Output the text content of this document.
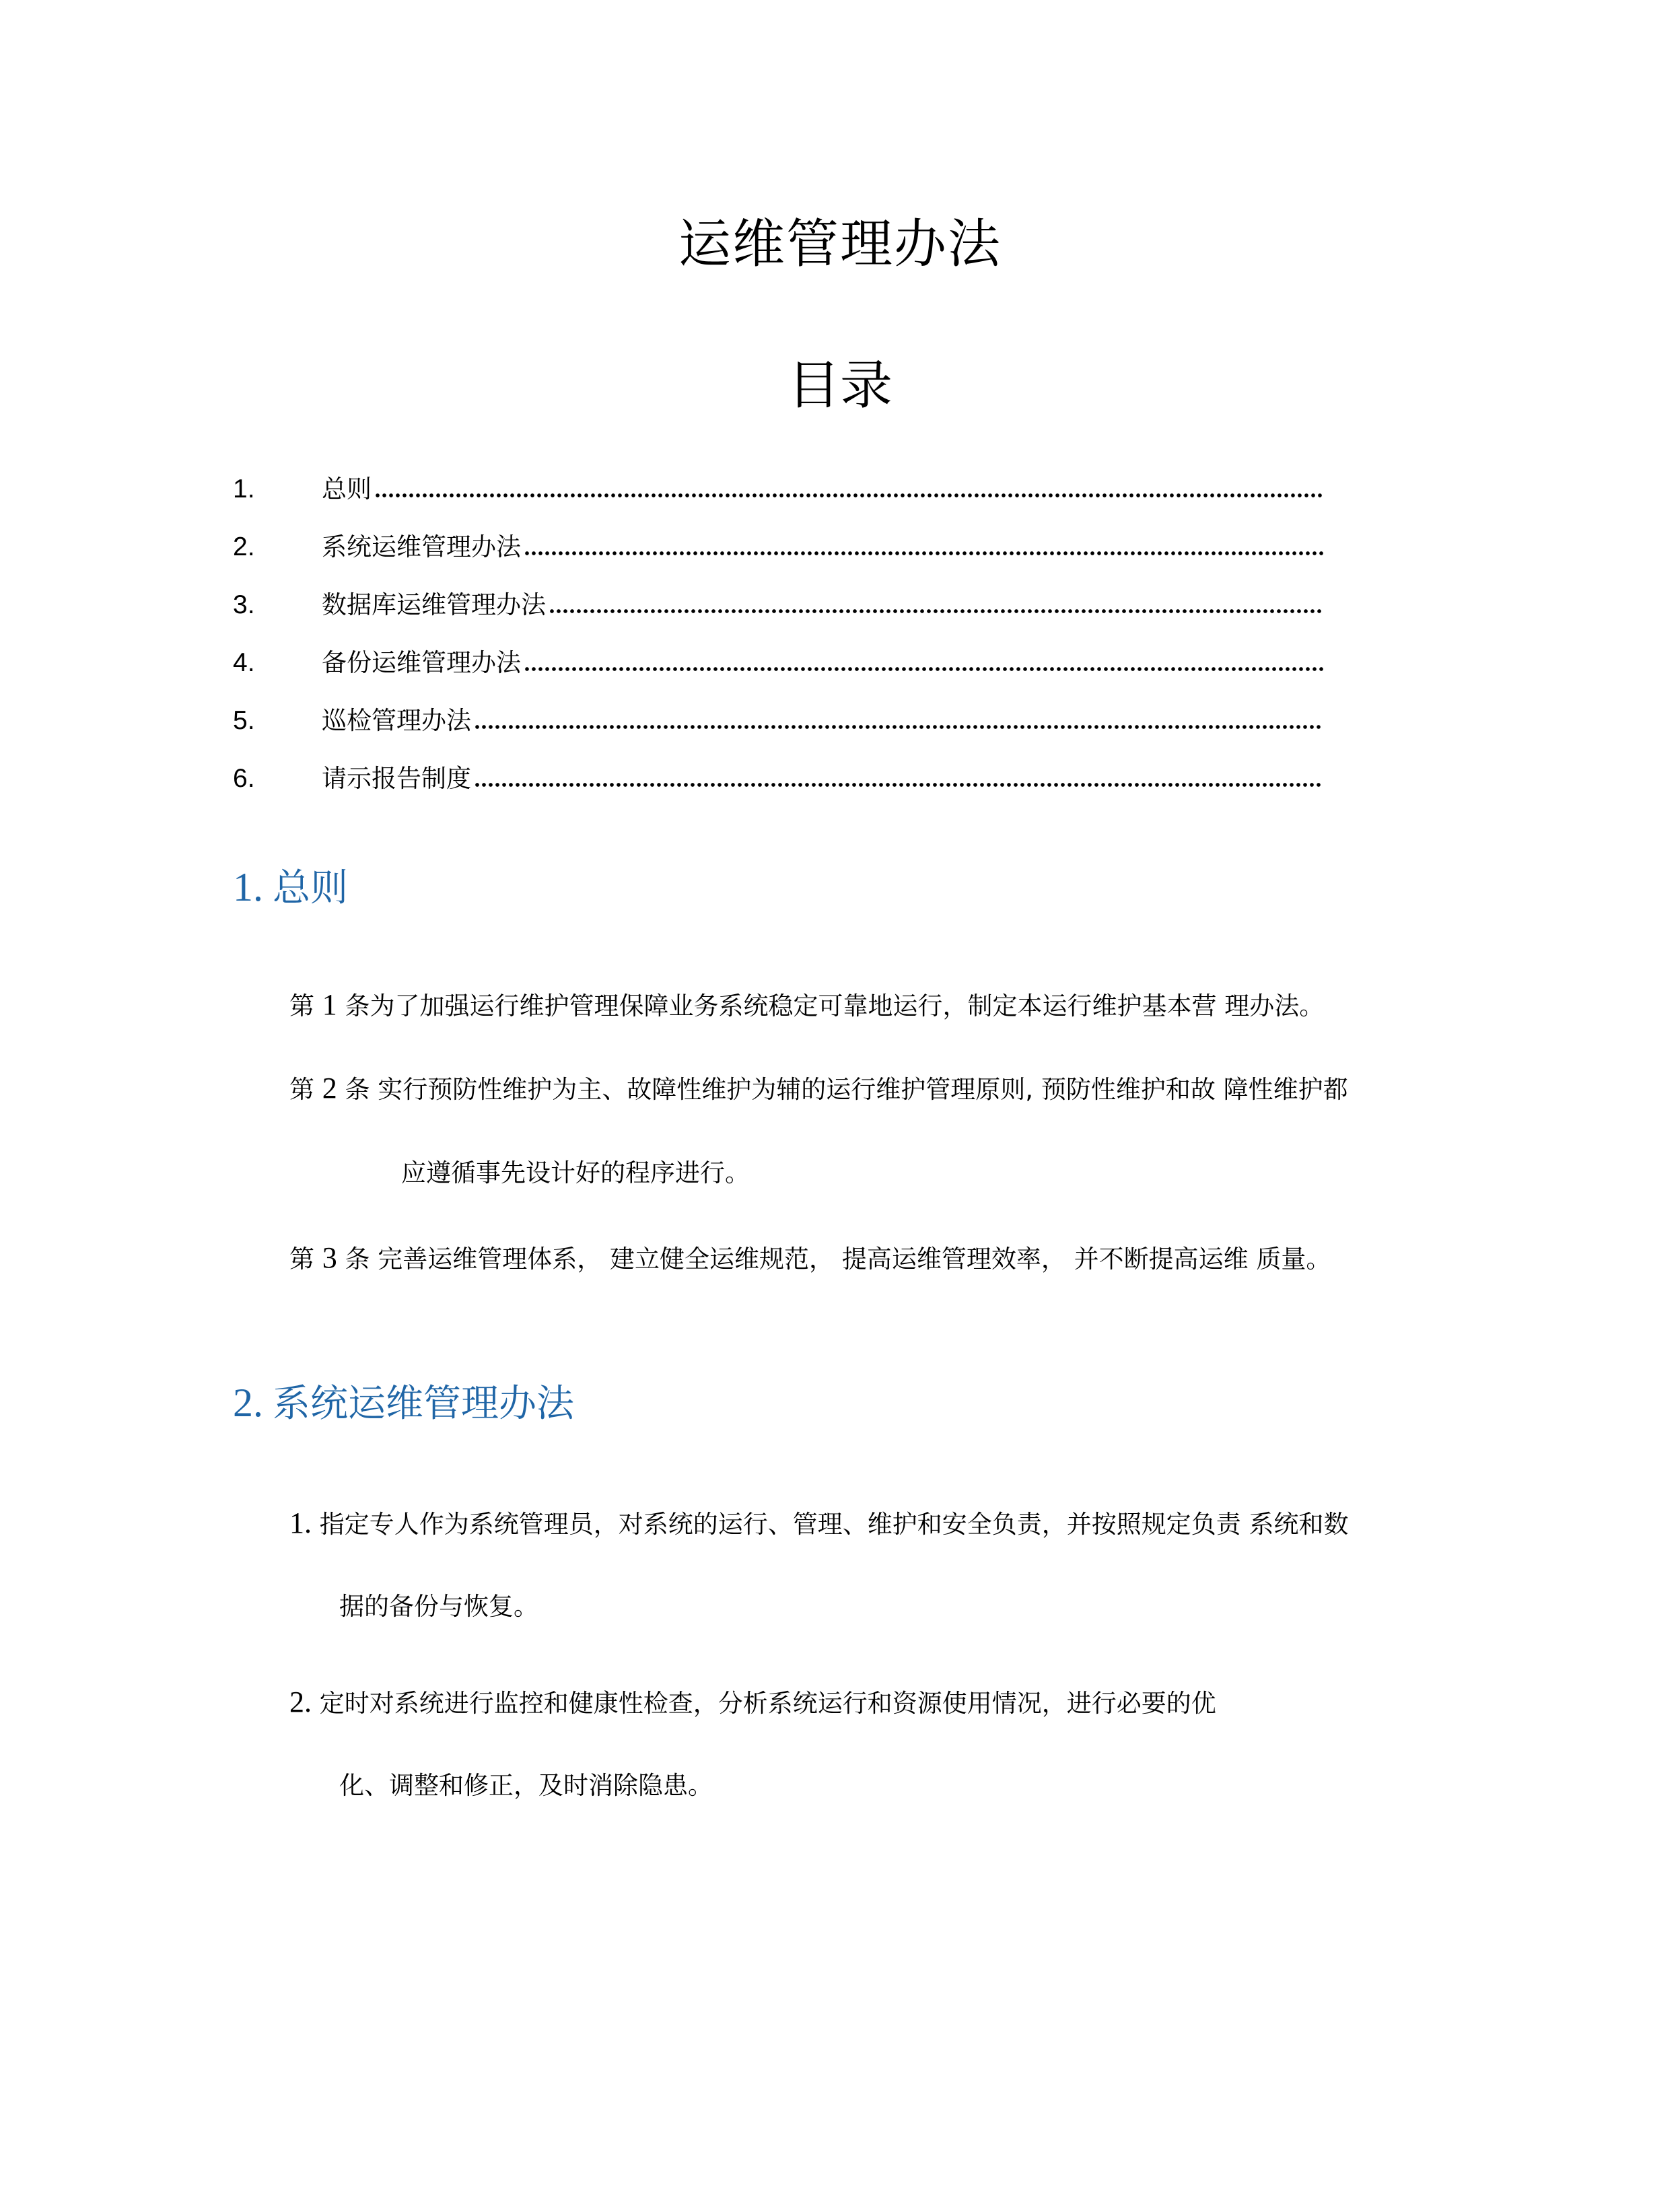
运维管理办法
目录
1.	总则
2.	系统运维管理办法
3.	数据库运维管理办法
4.	备份运维管理办法
5.	巡检管理办法
6.	请示报告制度
1. 总则
第 1 条为了加强运行维护管理保障业务系统稳定可靠地运行，制定本运行维护基本营 理办法。
第 2 条 实行预防性维护为主、故障性维护为辅的运行维护管理原则, 预防性维护和故 障性维护都
应遵循事先设计好的程序进行。
第 3 条 完善运维管理体系， 建立健全运维规范， 提高运维管理效率， 并不断提高运维 质量。
2. 系统运维管理办法
1. 指定专人作为系统管理员，对系统的运行、管理、维护和安全负责，并按照规定负责 系统和数
据的备份与恢复。
2. 定时对系统进行监控和健康性检查，分析系统运行和资源使用情况，进行必要的优
化、调整和修正，及时消除隐患。
